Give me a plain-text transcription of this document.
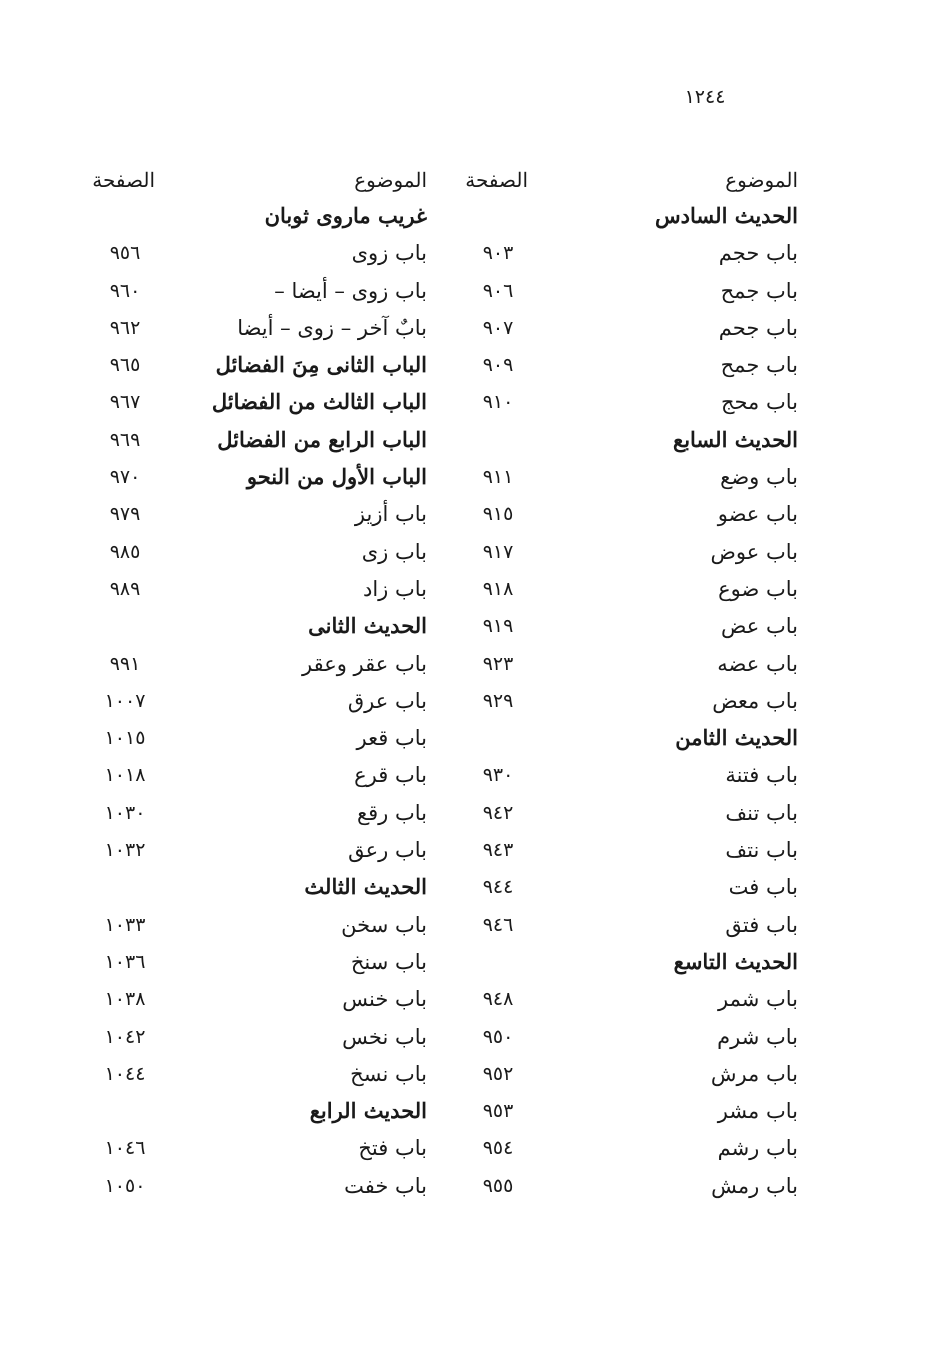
١٢٤٤
الموضوع
الصفحة
الموضوع
الصفحة
الحديث السادس
غريب ماروى ثوبان
باب حجم
٩٠٣
باب زوى
٩٥٦
باب جمح
٩٠٦
باب زوى – أيضا –
٩٦٠
باب جحم
٩٠٧
بابٌ آخر – زوى – أيضا
٩٦٢
باب جمح
٩٠٩
الباب الثانى مِنَ الفضائل
٩٦٥
باب محج
٩١٠
الباب الثالث من الفضائل
٩٦٧
الحديث السابع
الباب الرابع من الفضائل
٩٦٩
باب وضع
٩١١
الباب الأول من النحو
٩٧٠
باب عضو
٩١٥
باب أزيز
٩٧٩
باب عوض
٩١٧
باب زى
٩٨٥
باب ضوع
٩١٨
باب زاد
٩٨٩
باب عض
٩١٩
الحديث الثانى
باب عضه
٩٢٣
باب عقر وعقر
٩٩١
باب معض
٩٢٩
باب عرق
١٠٠٧
الحديث الثامن
باب قعر
١٠١٥
باب فتنة
٩٣٠
باب قرع
١٠١٨
باب تنف
٩٤٢
باب رقع
١٠٣٠
باب نتف
٩٤٣
باب رعق
١٠٣٢
باب فت
٩٤٤
الحديث الثالث
باب فتق
٩٤٦
باب سخن
١٠٣٣
الحديث التاسع
باب سنخ
١٠٣٦
باب شمر
٩٤٨
باب خنس
١٠٣٨
باب شرم
٩٥٠
باب نخس
١٠٤٢
باب مرش
٩٥٢
باب نسخ
١٠٤٤
باب مشر
٩٥٣
الحديث الرابع
باب رشم
٩٥٤
باب فتخ
١٠٤٦
باب رمش
٩٥٥
باب خفت
١٠٥٠
